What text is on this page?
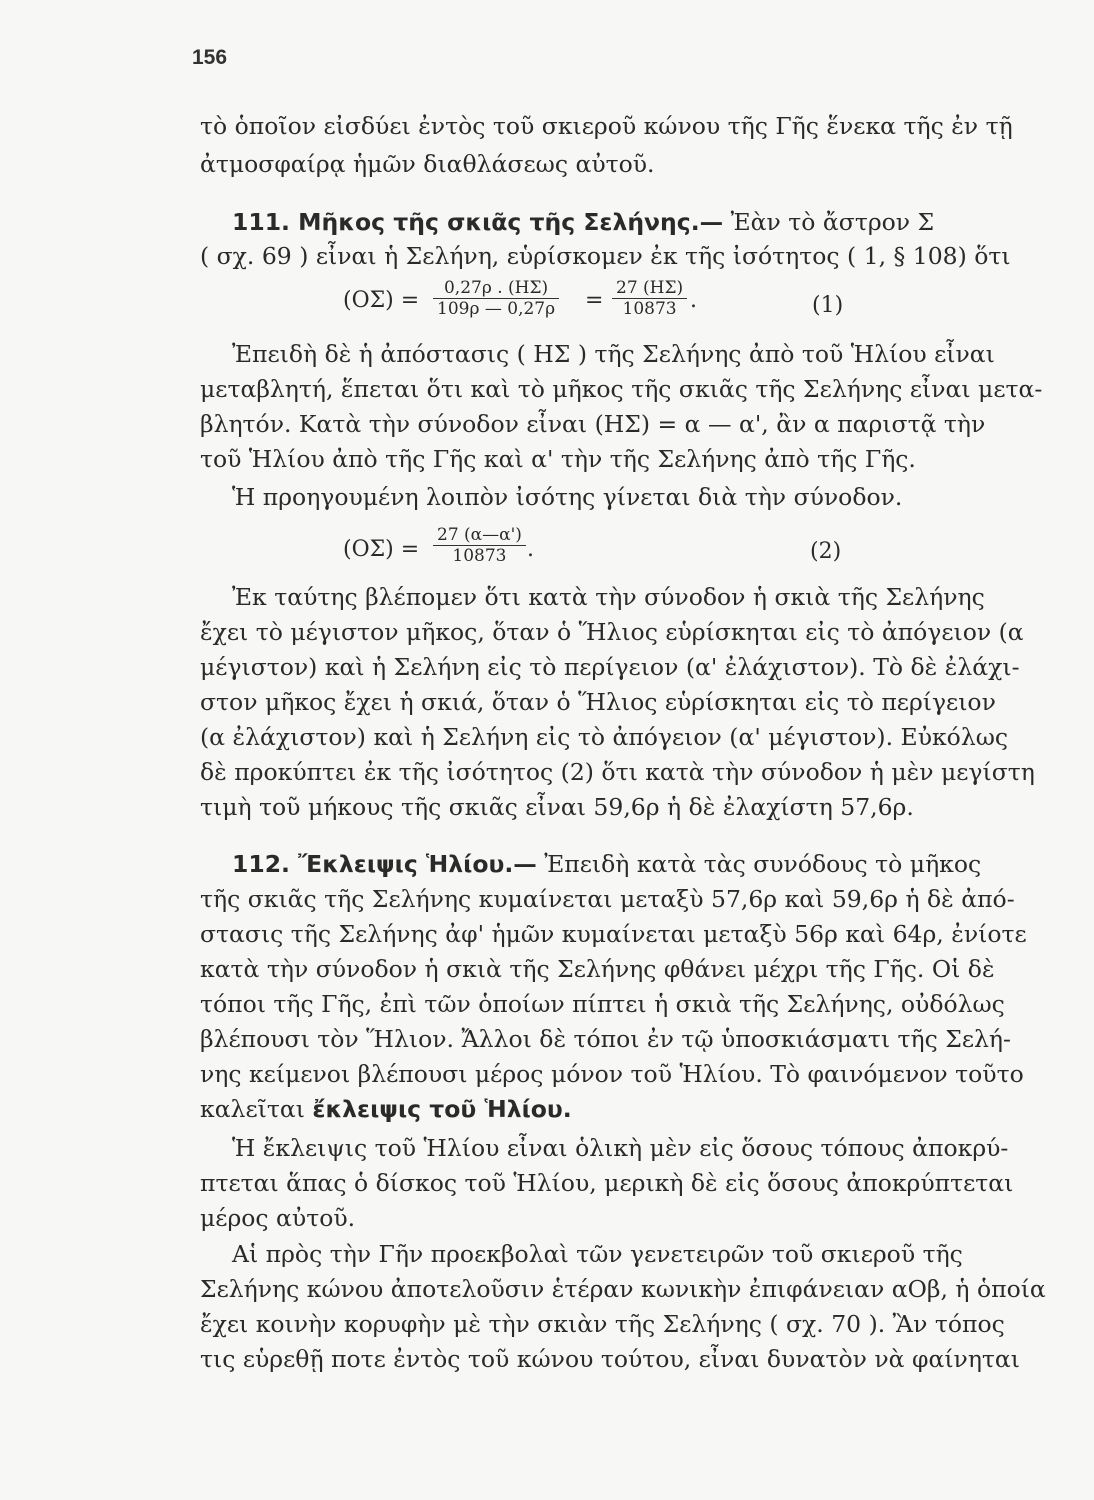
156
τὸ ὁποῖον εἰσδύει ἐντὸς τοῦ σκιεροῦ κώνου τῆς Γῆς ἕνεκα τῆς ἐν τῇ
ἀτμοσφαίρᾳ ἡμῶν διαθλάσεως αὐτοῦ.
111. Μῆκος τῆς σκιᾶς τῆς Σελήνης.— Ἐὰν τὸ ἄστρον Σ
( σχ. 69 ) εἶναι ἡ Σελήνη, εὑρίσκομεν ἐκ τῆς ἰσότητος ( 1, § 108) ὅτι
$(O\Sigma) = \frac{0,27\rho . (H\Sigma)}{109\rho — 0,27\rho} = \frac{27 (H\Sigma)}{10873}$ .	(1)
Ἐπειδὴ δὲ ἡ ἀπόστασις ( ΗΣ ) τῆς Σελήνης ἀπὸ τοῦ Ἡλίου εἶναι
μεταβλητή, ἕπεται ὅτι καὶ τὸ μῆκος τῆς σκιᾶς τῆς Σελήνης εἶναι μετα-
βλητόν. Κατὰ τὴν σύνοδον εἶναι (ΗΣ) = α — α', ἂν α παριστᾷ τὴν
τοῦ Ἡλίου ἀπὸ τῆς Γῆς καὶ α' τὴν τῆς Σελήνης ἀπὸ τῆς Γῆς.
Ἡ προηγουμένη λοιπὸν ἰσότης γίνεται διὰ τὴν σύνοδον.
$(O\Sigma) = \frac{27 (\alpha—\alpha')}{10873}$ .	(2)
Ἐκ ταύτης βλέπομεν ὅτι κατὰ τὴν σύνοδον ἡ σκιὰ τῆς Σελήνης
ἔχει τὸ μέγιστον μῆκος, ὅταν ὁ Ἥλιος εὑρίσκηται εἰς τὸ ἀπόγειον (α
μέγιστον) καὶ ἡ Σελήνη εἰς τὸ περίγειον (α' ἐλάχιστον). Τὸ δὲ ἐλάχι-
στον μῆκος ἔχει ἡ σκιά, ὅταν ὁ Ἥλιος εὑρίσκηται εἰς τὸ περίγειον
(α ἐλάχιστον) καὶ ἡ Σελήνη εἰς τὸ ἀπόγειον (α' μέγιστον). Εὐκόλως
δὲ προκύπτει ἐκ τῆς ἰσότητος (2) ὅτι κατὰ τὴν σύνοδον ἡ μὲν μεγίστη
τιμὴ τοῦ μήκους τῆς σκιᾶς εἶναι 59,6ρ ἡ δὲ ἐλαχίστη 57,6ρ.
112. Ἔκλειψις Ἡλίου.— Ἐπειδὴ κατὰ τὰς συνόδους τὸ μῆκος
τῆς σκιᾶς τῆς Σελήνης κυμαίνεται μεταξὺ 57,6ρ καὶ 59,6ρ ἡ δὲ ἀπό-
στασις τῆς Σελήνης ἀφ' ἡμῶν κυμαίνεται μεταξὺ 56ρ καὶ 64ρ, ἐνίοτε
κατὰ τὴν σύνοδον ἡ σκιὰ τῆς Σελήνης φθάνει μέχρι τῆς Γῆς. Οἱ δὲ
τόποι τῆς Γῆς, ἐπὶ τῶν ὁποίων πίπτει ἡ σκιὰ τῆς Σελήνης, οὐδόλως
βλέπουσι τὸν Ἥλιον. Ἄλλοι δὲ τόποι ἐν τῷ ὑποσκιάσματι τῆς Σελή-
νης κείμενοι βλέπουσι μέρος μόνον τοῦ Ἡλίου. Τὸ φαινόμενον τοῦτο
καλεῖται ἔκλειψις τοῦ Ἡλίου.
Ἡ ἔκλειψις τοῦ Ἡλίου εἶναι ὁλικὴ μὲν εἰς ὅσους τόπους ἀποκρύ-
πτεται ἅπας ὁ δίσκος τοῦ Ἡλίου, μερικὴ δὲ εἰς ὅσους ἀποκρύπτεται
μέρος αὐτοῦ.
Αἱ πρὸς τὴν Γῆν προεκβολαὶ τῶν γενετειρῶν τοῦ σκιεροῦ τῆς
Σελήνης κώνου ἀποτελοῦσιν ἑτέραν κωνικὴν ἐπιφάνειαν αΟβ, ἡ ὁποία
ἔχει κοινὴν κορυφὴν μὲ τὴν σκιὰν τῆς Σελήνης ( σχ. 70 ). Ἂν τόπος
τις εὑρεθῇ ποτε ἐντὸς τοῦ κώνου τούτου, εἶναι δυνατὸν νὰ φαίνηται
